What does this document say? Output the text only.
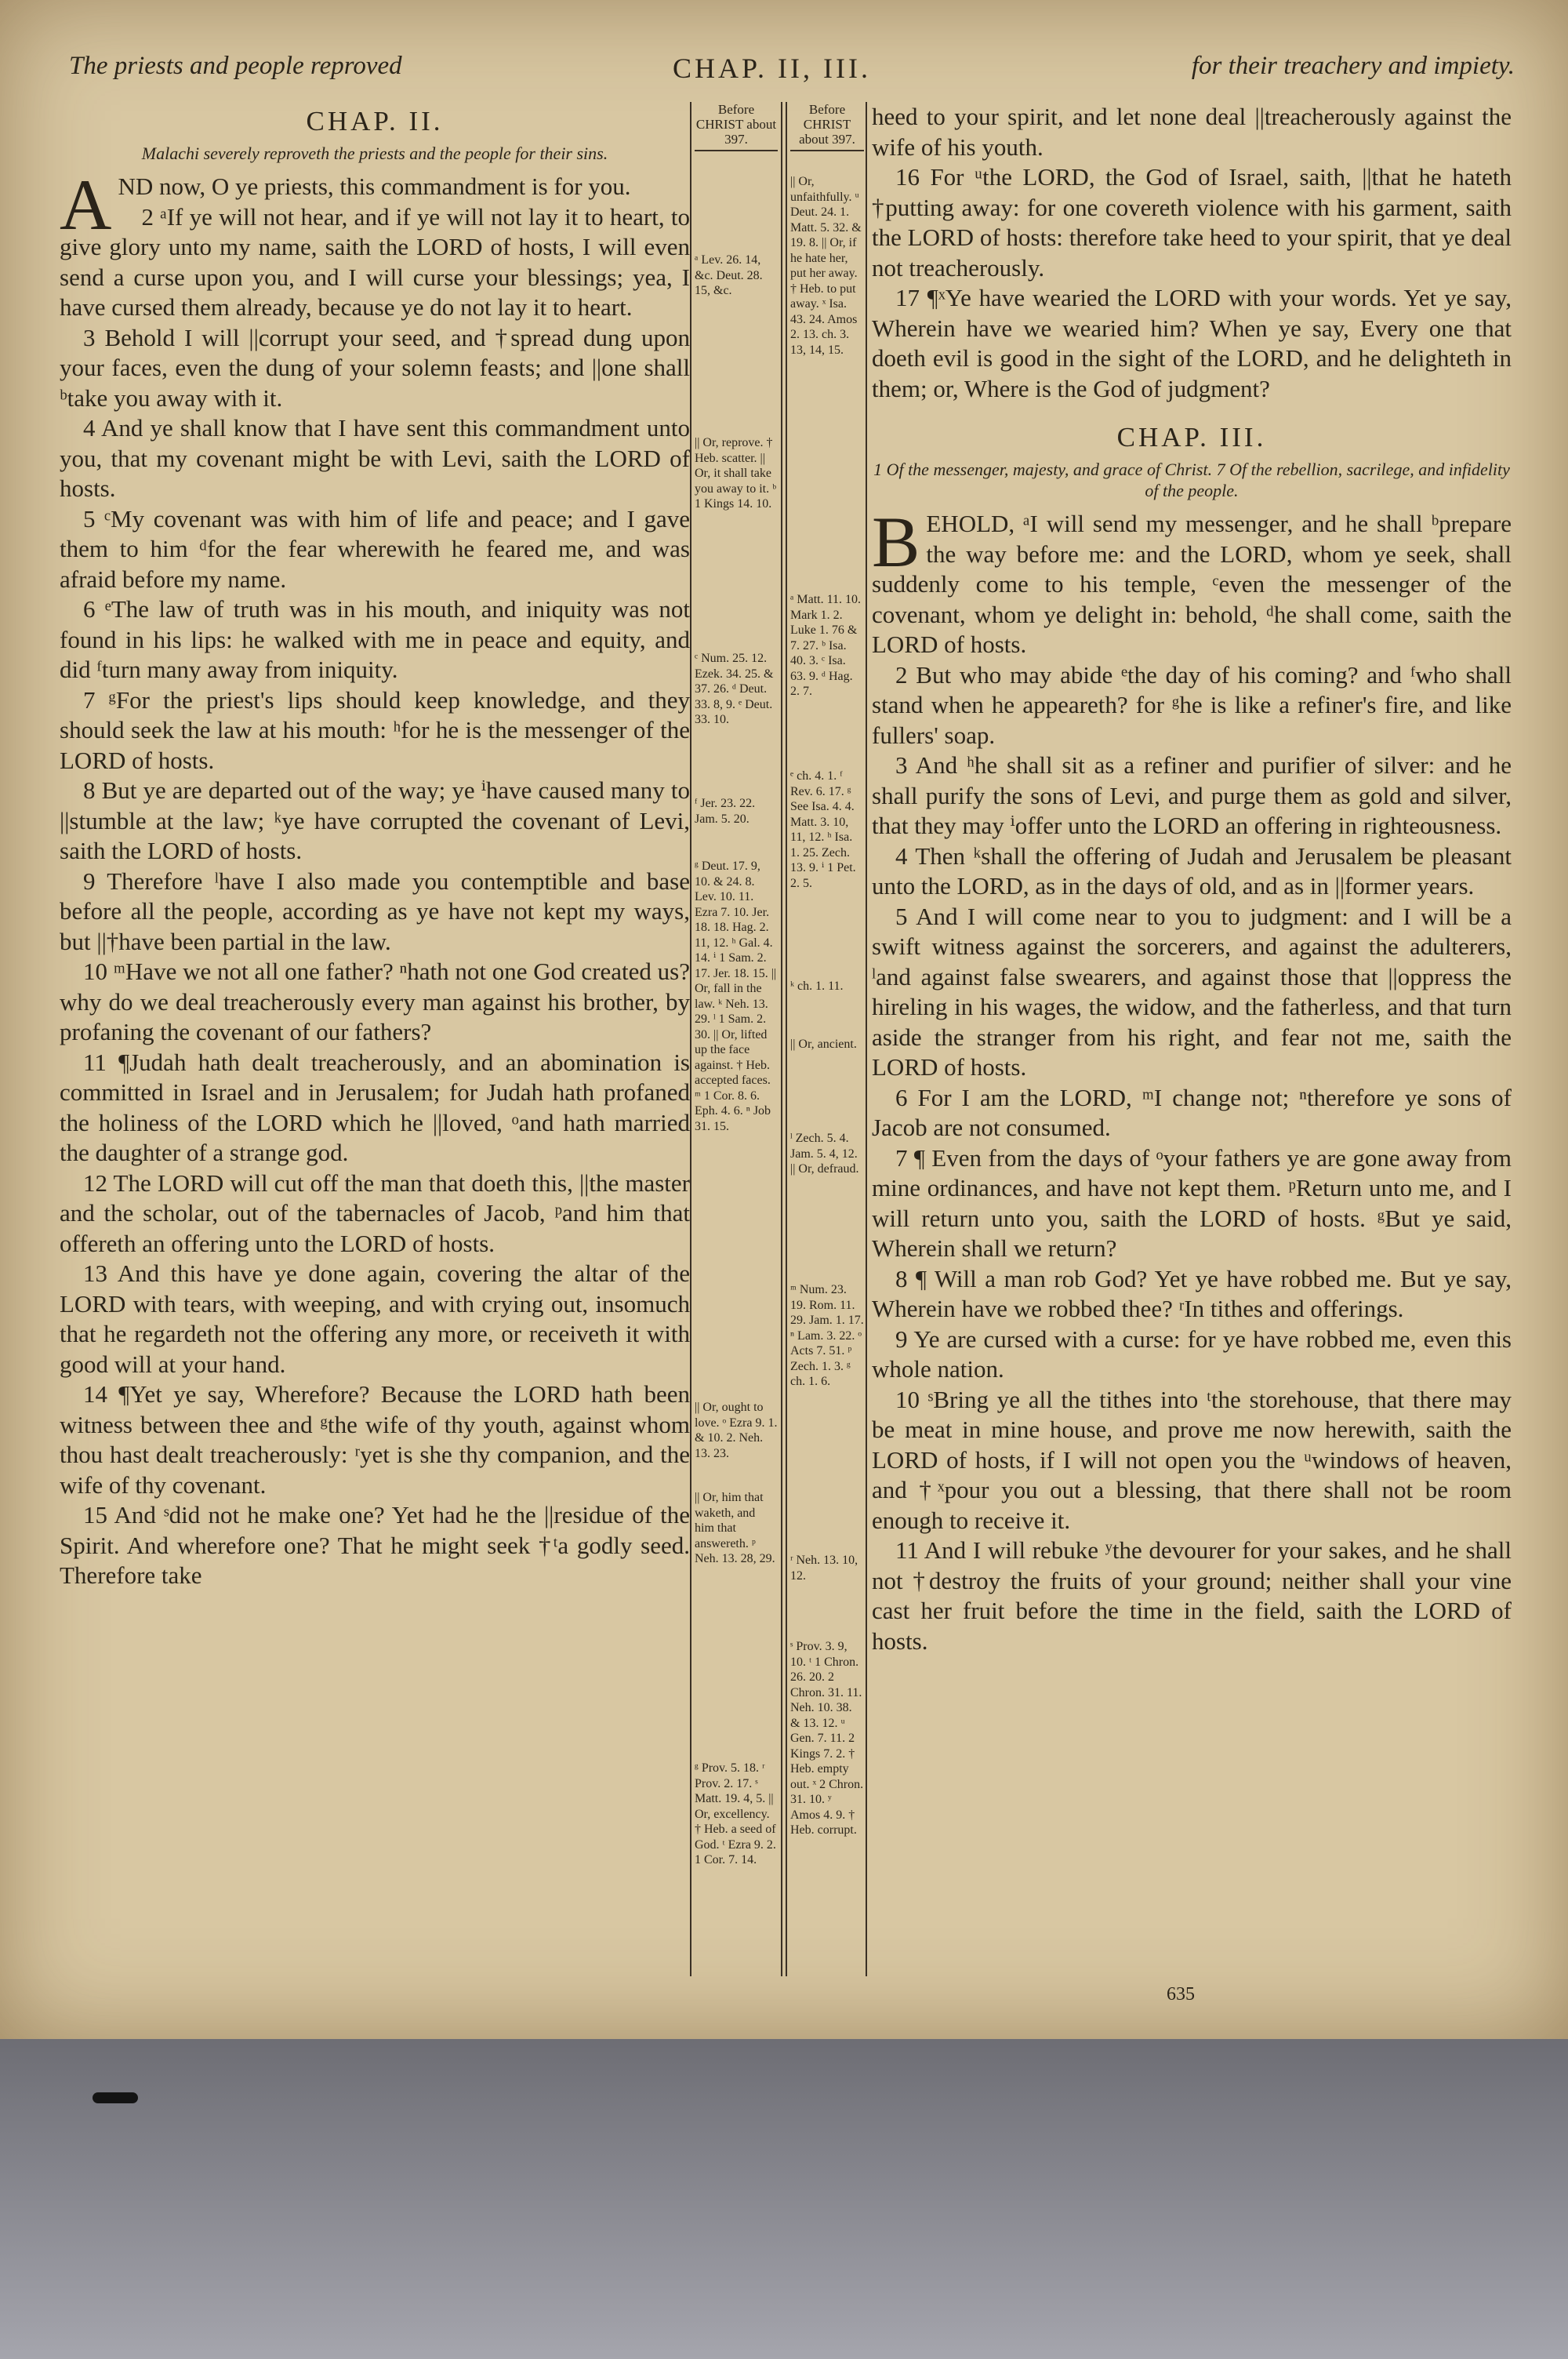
The priests and people reproved	CHAP. II, III.	for their treachery and impiety.
CHAP. II.
Malachi severely reproveth the priests and the people for their sins.

AND now, O ye priests, this commandment is for you.

2 ᵃIf ye will not hear, and if ye will not lay it to heart, to give glory unto my name, saith the LORD of hosts, I will even send a curse upon you, and I will curse your blessings; yea, I have cursed them already, because ye do not lay it to heart.

3 Behold I will ||corrupt your seed, and †spread dung upon your faces, even the dung of your solemn feasts; and ||one shall ᵇtake you away with it.

4 And ye shall know that I have sent this commandment unto you, that my covenant might be with Levi, saith the LORD of hosts.

5 ᶜMy covenant was with him of life and peace; and I gave them to him ᵈfor the fear wherewith he feared me, and was afraid before my name.

6 ᵉThe law of truth was in his mouth, and iniquity was not found in his lips: he walked with me in peace and equity, and did ᶠturn many away from iniquity.

7 ᵍFor the priest's lips should keep knowledge, and they should seek the law at his mouth: ʰfor he is the messenger of the LORD of hosts.

8 But ye are departed out of the way; ye ⁱhave caused many to ||stumble at the law; ᵏye have corrupted the covenant of Levi, saith the LORD of hosts.

9 Therefore ˡhave I also made you contemptible and base before all the people, according as ye have not kept my ways, but ||†have been partial in the law.

10 ᵐHave we not all one father? ⁿhath not one God created us? why do we deal treacherously every man against his brother, by profaning the covenant of our fathers?

11 ¶Judah hath dealt treacherously, and an abomination is committed in Israel and in Jerusalem; for Judah hath profaned the holiness of the LORD which he ||loved, ᵒand hath married the daughter of a strange god.

12 The LORD will cut off the man that doeth this, ||the master and the scholar, out of the tabernacles of Jacob, ᵖand him that offereth an offering unto the LORD of hosts.

13 And this have ye done again, covering the altar of the LORD with tears, with weeping, and with crying out, insomuch that he regardeth not the offering any more, or receiveth it with good will at your hand.

14 ¶Yet ye say, Wherefore? Because the LORD hath been witness between thee and ᵍthe wife of thy youth, against whom thou hast dealt treacherously: ʳyet is she thy companion, and the wife of thy covenant.

15 And ˢdid not he make one? Yet had he the ||residue of the Spirit. And wherefore one? That he might seek †ᵗa godly seed. Therefore take

Before CHRIST about 397.
ᵃ Lev. 26. 14, &c. Deut. 28. 15, &c.
|| Or, reprove. † Heb. scatter. || Or, it shall take you away to it. ᵇ 1 Kings 14. 10.
ᶜ Num. 25. 12. Ezek. 34. 25. & 37. 26. ᵈ Deut. 33. 8, 9. ᵉ Deut. 33. 10.
ᶠ Jer. 23. 22. Jam. 5. 20.
ᵍ Deut. 17. 9, 10. & 24. 8. Lev. 10. 11. Ezra 7. 10. Jer. 18. 18. Hag. 2. 11, 12. ʰ Gal. 4. 14. ⁱ 1 Sam. 2. 17. Jer. 18. 15. || Or, fall in the law. ᵏ Neh. 13. 29. ˡ 1 Sam. 2. 30. || Or, lifted up the face against. † Heb. accepted faces. ᵐ 1 Cor. 8. 6. Eph. 4. 6. ⁿ Job 31. 15.
|| Or, ought to love. ᵒ Ezra 9. 1. & 10. 2. Neh. 13. 23.
|| Or, him that waketh, and him that answereth. ᵖ Neh. 13. 28, 29.
ᵍ Prov. 5. 18. ʳ Prov. 2. 17. ˢ Matt. 19. 4, 5. || Or, excellency. † Heb. a seed of God. ᵗ Ezra 9. 2. 1 Cor. 7. 14.
Before CHRIST about 397.
|| Or, unfaithfully. ᵘ Deut. 24. 1. Matt. 5. 32. & 19. 8. || Or, if he hate her, put her away. † Heb. to put away. ˣ Isa. 43. 24. Amos 2. 13. ch. 3. 13, 14, 15.
ᵃ Matt. 11. 10. Mark 1. 2. Luke 1. 76 & 7. 27. ᵇ Isa. 40. 3. ᶜ Isa. 63. 9. ᵈ Hag. 2. 7.
ᵉ ch. 4. 1. ᶠ Rev. 6. 17. ᵍ See Isa. 4. 4. Matt. 3. 10, 11, 12. ʰ Isa. 1. 25. Zech. 13. 9. ⁱ 1 Pet. 2. 5.
ᵏ ch. 1. 11.
|| Or, ancient.
ˡ Zech. 5. 4. Jam. 5. 4, 12. || Or, defraud.
ᵐ Num. 23. 19. Rom. 11. 29. Jam. 1. 17. ⁿ Lam. 3. 22. ᵒ Acts 7. 51. ᵖ Zech. 1. 3. ᵍ ch. 1. 6.
ʳ Neh. 13. 10, 12.
ˢ Prov. 3. 9, 10. ᵗ 1 Chron. 26. 20. 2 Chron. 31. 11. Neh. 10. 38. & 13. 12. ᵘ Gen. 7. 11. 2 Kings 7. 2. † Heb. empty out. ˣ 2 Chron. 31. 10. ʸ Amos 4. 9. † Heb. corrupt.

heed to your spirit, and let none deal ||treacherously against the wife of his youth.

16 For ᵘthe LORD, the God of Israel, saith, ||that he hateth †putting away: for one covereth violence with his garment, saith the LORD of hosts: therefore take heed to your spirit, that ye deal not treacherously.

17 ¶ˣYe have wearied the LORD with your words. Yet ye say, Wherein have we wearied him? When ye say, Every one that doeth evil is good in the sight of the LORD, and he delighteth in them; or, Where is the God of judgment?

CHAP. III.
1 Of the messenger, majesty, and grace of Christ. 7 Of the rebellion, sacrilege, and infidelity of the people.

BEHOLD, ᵃI will send my messenger, and he shall ᵇprepare the way before me: and the LORD, whom ye seek, shall suddenly come to his temple, ᶜeven the messenger of the covenant, whom ye delight in: behold, ᵈhe shall come, saith the LORD of hosts.

2 But who may abide ᵉthe day of his coming? and ᶠwho shall stand when he appeareth? for ᵍhe is like a refiner's fire, and like fullers' soap.

3 And ʰhe shall sit as a refiner and purifier of silver: and he shall purify the sons of Levi, and purge them as gold and silver, that they may ⁱoffer unto the LORD an offering in righteousness.

4 Then ᵏshall the offering of Judah and Jerusalem be pleasant unto the LORD, as in the days of old, and as in ||former years.

5 And I will come near to you to judgment: and I will be a swift witness against the sorcerers, and against the adulterers, ˡand against false swearers, and against those that ||oppress the hireling in his wages, the widow, and the fatherless, and that turn aside the stranger from his right, and fear not me, saith the LORD of hosts.

6 For I am the LORD, ᵐI change not; ⁿtherefore ye sons of Jacob are not consumed.

7 ¶ Even from the days of ᵒyour fathers ye are gone away from mine ordinances, and have not kept them. ᵖReturn unto me, and I will return unto you, saith the LORD of hosts. ᵍBut ye said, Wherein shall we return?

8 ¶ Will a man rob God? Yet ye have robbed me. But ye say, Wherein have we robbed thee? ʳIn tithes and offerings.

9 Ye are cursed with a curse: for ye have robbed me, even this whole nation.

10 ˢBring ye all the tithes into ᵗthe storehouse, that there may be meat in mine house, and prove me now herewith, saith the LORD of hosts, if I will not open you the ᵘwindows of heaven, and †ˣpour you out a blessing, that there shall not be room enough to receive it.

11 And I will rebuke ʸthe devourer for your sakes, and he shall not †destroy the fruits of your ground; neither shall your vine cast her fruit before the time in the field, saith the LORD of hosts.

635
